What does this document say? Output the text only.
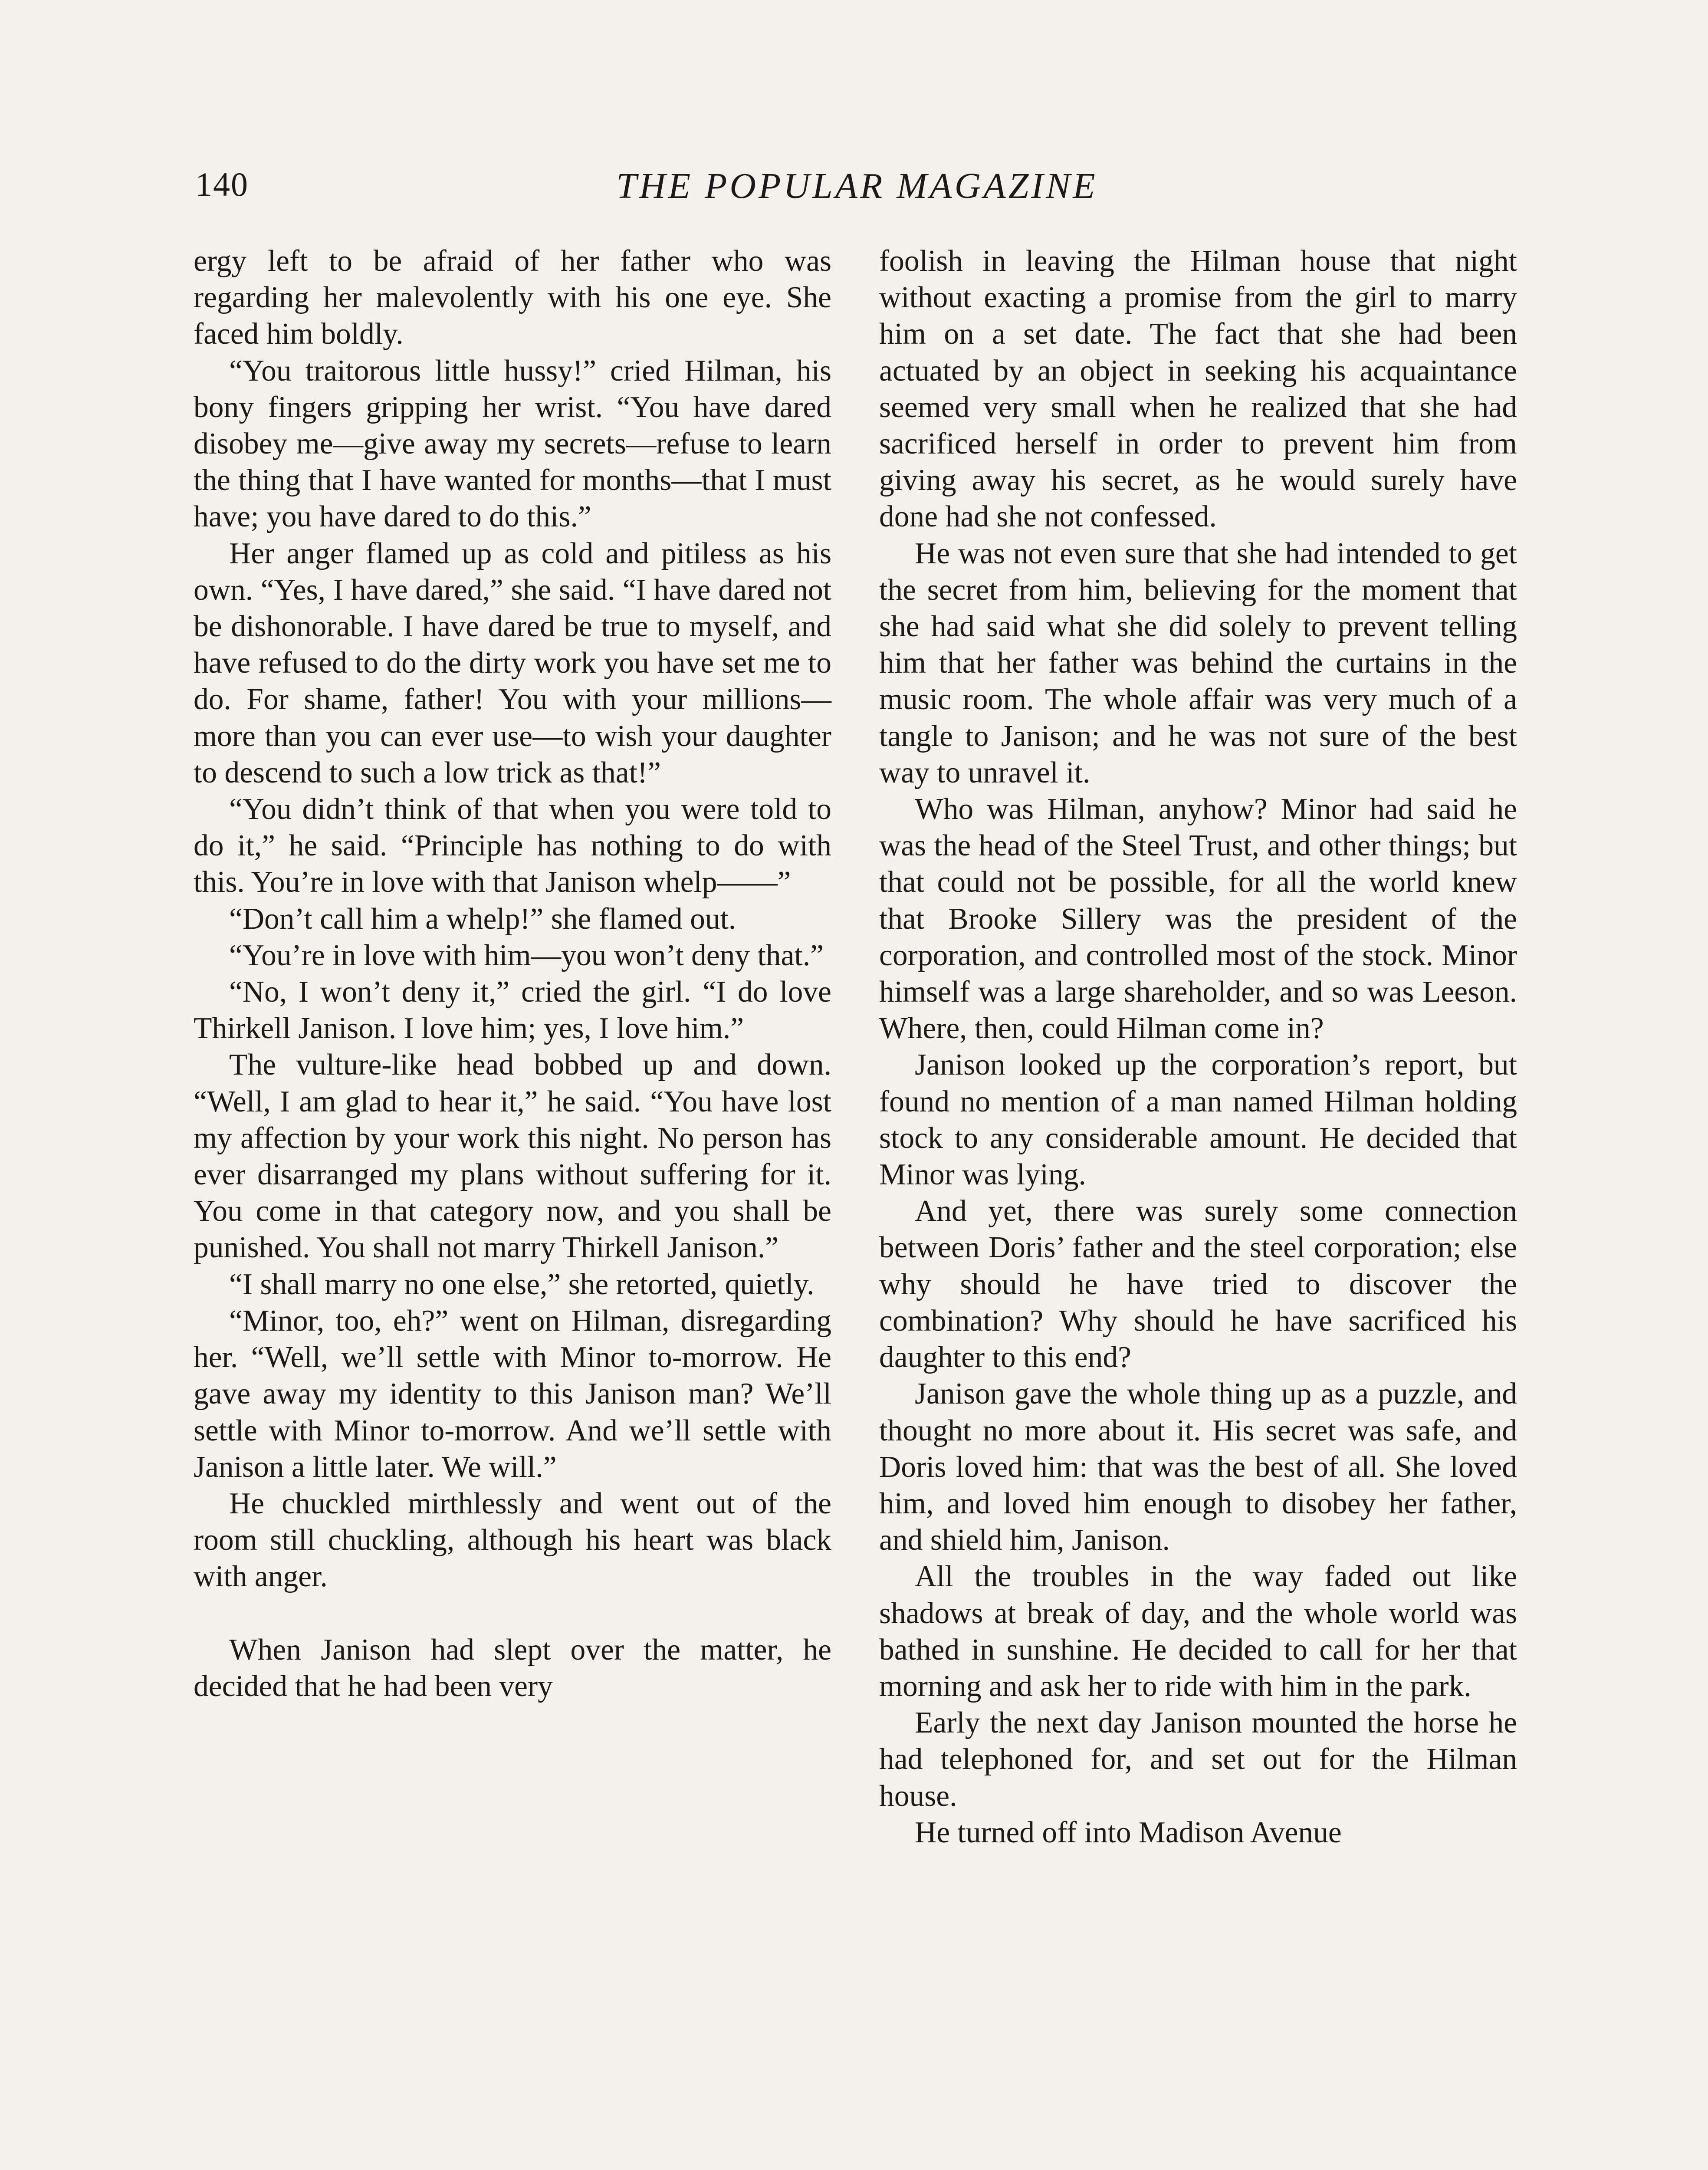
140	THE POPULAR MAGAZINE

ergy left to be afraid of her father who was regarding her malevolently with his one eye. She faced him boldly.

“You traitorous little hussy!” cried Hilman, his bony fingers gripping her wrist. “You have dared disobey me—give away my secrets—refuse to learn the thing that I have wanted for months—that I must have; you have dared to do this.”

Her anger flamed up as cold and pitiless as his own. “Yes, I have dared,” she said. “I have dared not be dishonorable. I have dared be true to myself, and have refused to do the dirty work you have set me to do. For shame, father! You with your millions—more than you can ever use—to wish your daughter to descend to such a low trick as that!”

“You didn’t think of that when you were told to do it,” he said. “Principle has nothing to do with this. You’re in love with that Janison whelp——”

“Don’t call him a whelp!” she flamed out.

“You’re in love with him—you won’t deny that.”

“No, I won’t deny it,” cried the girl. “I do love Thirkell Janison. I love him; yes, I love him.”

The vulture-like head bobbed up and down. “Well, I am glad to hear it,” he said. “You have lost my affection by your work this night. No person has ever disarranged my plans without suffering for it. You come in that category now, and you shall be punished. You shall not marry Thirkell Janison.”

“I shall marry no one else,” she retorted, quietly.

“Minor, too, eh?” went on Hilman, disregarding her. “Well, we’ll settle with Minor to-morrow. He gave away my identity to this Janison man? We’ll settle with Minor to-morrow. And we’ll settle with Janison a little later. We will.”

He chuckled mirthlessly and went out of the room still chuckling, although his heart was black with anger.

When Janison had slept over the matter, he decided that he had been very

foolish in leaving the Hilman house that night without exacting a promise from the girl to marry him on a set date. The fact that she had been actuated by an object in seeking his acquaintance seemed very small when he realized that she had sacrificed herself in order to prevent him from giving away his secret, as he would surely have done had she not confessed.

He was not even sure that she had intended to get the secret from him, believing for the moment that she had said what she did solely to prevent telling him that her father was behind the curtains in the music room. The whole affair was very much of a tangle to Janison; and he was not sure of the best way to unravel it.

Who was Hilman, anyhow? Minor had said he was the head of the Steel Trust, and other things; but that could not be possible, for all the world knew that Brooke Sillery was the president of the corporation, and controlled most of the stock. Minor himself was a large shareholder, and so was Leeson. Where, then, could Hilman come in?

Janison looked up the corporation’s report, but found no mention of a man named Hilman holding stock to any considerable amount. He decided that Minor was lying.

And yet, there was surely some connection between Doris’ father and the steel corporation; else why should he have tried to discover the combination? Why should he have sacrificed his daughter to this end?

Janison gave the whole thing up as a puzzle, and thought no more about it. His secret was safe, and Doris loved him: that was the best of all. She loved him, and loved him enough to disobey her father, and shield him, Janison.

All the troubles in the way faded out like shadows at break of day, and the whole world was bathed in sunshine. He decided to call for her that morning and ask her to ride with him in the park.

Early the next day Janison mounted the horse he had telephoned for, and set out for the Hilman house.

He turned off into Madison Avenue
